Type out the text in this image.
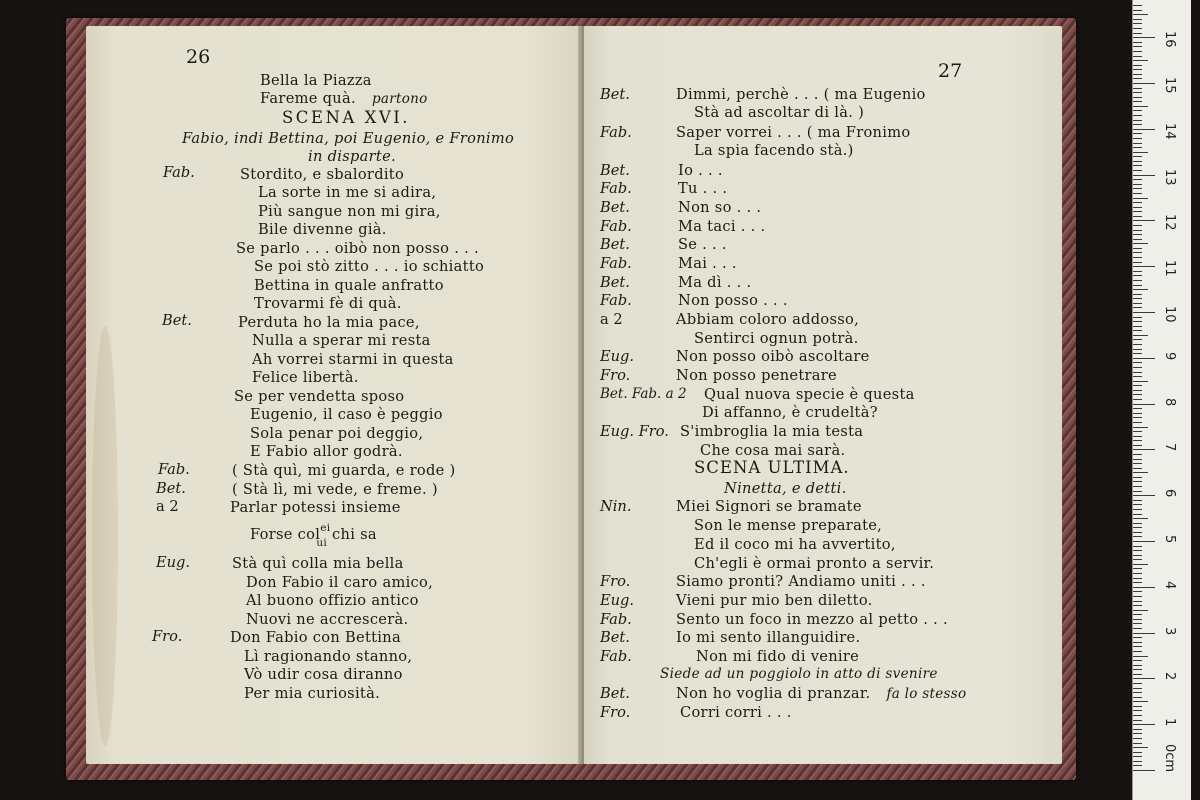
26
Bella la Piazza
Fareme quà. partono
SCENA XVI.
Fabio, indi Bettina, poi Eugenio, e Fronimo
in disparte.
Fab.	Stordito, e sbalordito
La sorte in me si adira,
Più sangue non mi gira,
Bile divenne già.
Se parlo . . . oibò non posso . . .
Se poi stò zitto . . . io schiatto
Bettina in quale anfratto
Trovarmi fè di quà.
Bet.	Perduta ho la mia pace,
Nulla a sperar mi resta
Ah vorrei starmi in questa
Felice libertà.
Se per vendetta sposo
Eugenio, il caso è peggio
Sola penar poi deggio,
E Fabio allor godrà.
Fab.	( Stà quì, mi guarda, e rode )
Bet.	( Stà lì, mi vede, e freme. )
a 2	Parlar potessi insieme
Forse col$^{ei}_{ui}$ chi sa
Eug.	Stà quì colla mia bella
Don Fabio il caro amico,
Al buono offizio antico
Nuovi ne accrescerà.
Fro.	Don Fabio con Bettina
Lì ragionando stanno,
Vò udir cosa diranno
Per mia curiosità.
27
Bet.	Dimmi, perchè . . . ( ma Eugenio
Stà ad ascoltar di là. )
Fab.	Saper vorrei . . . ( ma Fronimo
La spia facendo stà.)
Bet.	Io . . .
Fab.	Tu . . .
Bet.	Non so . . .
Fab.	Ma taci . . .
Bet.	Se . . .
Fab.	Mai . . .
Bet.	Ma dì . . .
Fab.	Non posso . . .
a 2	Abbiam coloro addosso,
Sentirci ognun potrà.
Eug.	Non posso oibò ascoltare
Fro.	Non posso penetrare
Bet. Fab. a 2 Qual nuova specie è questa
Di affanno, è crudeltà?
Eug. Fro. S'imbroglia la mia testa
Che cosa mai sarà.
SCENA ULTIMA.
Ninetta, e detti.
Nin.	Miei Signori se bramate
Son le mense preparate,
Ed il coco mi ha avvertito,
Ch'egli è ormai pronto a servir.
Fro.	Siamo pronti? Andiamo uniti . . .
Eug.	Vieni pur mio ben diletto.
Fab.	Sento un foco in mezzo al petto . . .
Bet.	Io mi sento illanguidire.
Fab.	Non mi fido di venire
Siede ad un poggiolo in atto di svenire
Bet.	Non ho voglia di pranzar. fa lo stesso
Fro.	Corri corri . . .
0cm
1
2
3
4
5
6
7
8
9
10
11
12
13
14
15
16
